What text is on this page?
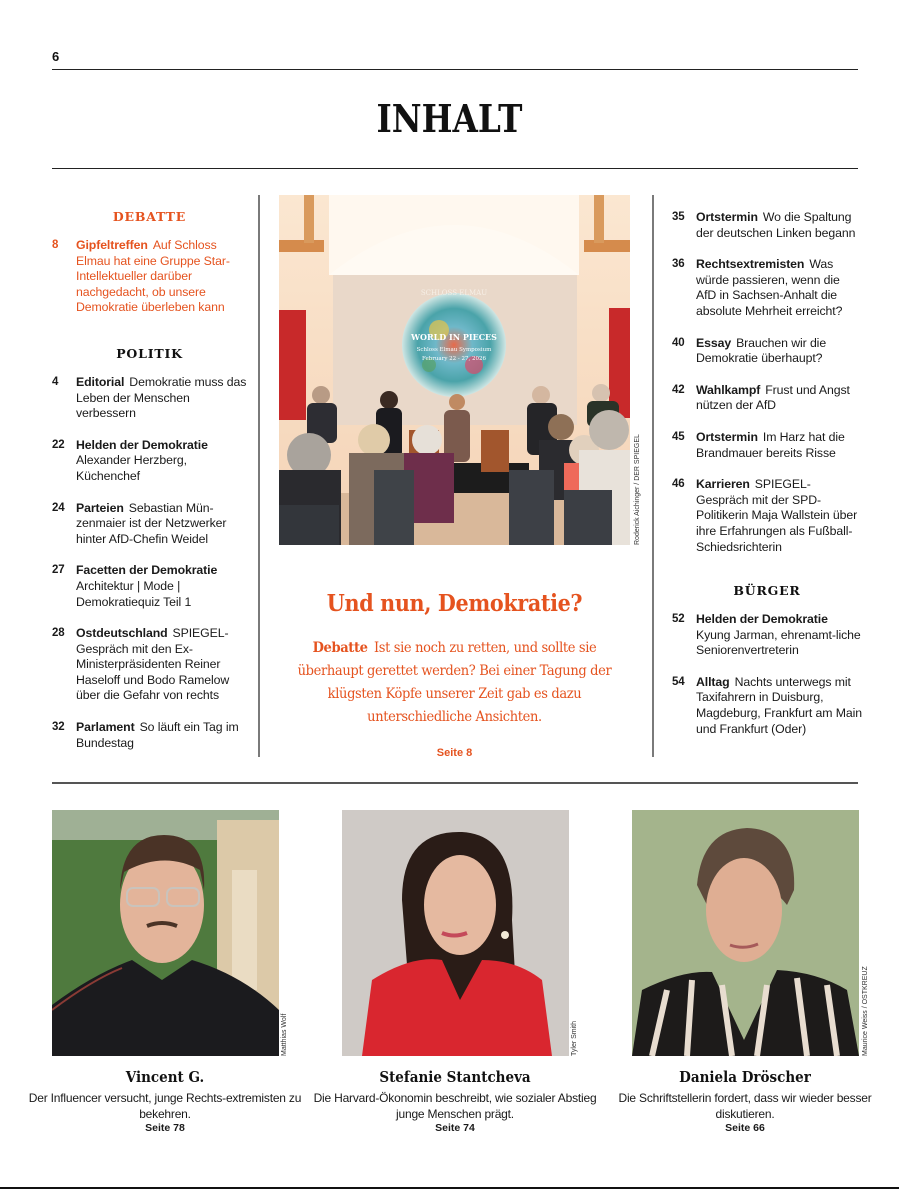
6
INHALT
DEBATTE
8	Gipfeltreffen Auf Schloss Elmau hat eine Gruppe Star-Intellektueller darüber nachgedacht, ob unsere Demokratie überleben kann
POLITIK
4	Editorial Demokratie muss das Leben der Menschen verbessern
22 Helden der Demokratie
Alexander Herzberg, Küchenchef
24 Parteien Sebastian Mün-zenmaier ist der Netzwerker hinter AfD-Chefin Weidel
27 Facetten der Demokratie
Architektur | Mode | Demokratiequiz Teil 1
28 Ostdeutschland SPIEGEL-Gespräch mit den Ex-Ministerpräsidenten Reiner Haseloff und Bodo Ramelow über die Gefahr von rechts
32 Parlament So läuft ein Tag im Bundestag
SCHLOSS ELMAU
WORLD IN PIECES
Schloss Elmau Symposium
February 22 - 27, 2026
Roderick Aichinger / DER SPIEGEL
Und nun, Demokratie?
Debatte Ist sie noch zu retten, und sollte sie überhaupt gerettet werden? Bei einer Tagung der klügsten Köpfe unserer Zeit gab es dazu unterschiedliche Ansichten.
Seite 8
35 Ortstermin Wo die Spaltung der deutschen Linken begann
36 Rechtsextremisten Was würde passieren, wenn die AfD in Sachsen-Anhalt die absolute Mehrheit erreicht?
40 Essay Brauchen wir die Demokratie überhaupt?
42 Wahlkampf Frust und Angst nützen der AfD
45 Ortstermin Im Harz hat die Brandmauer bereits Risse
46 Karrieren SPIEGEL-Gespräch mit der SPD-Politikerin Maja Wallstein über ihre Erfahrungen als Fußball-Schiedsrichterin
BÜRGER
52 Helden der Demokratie
Kyung Jarman, ehrenamt-liche Seniorenvertreterin
54 Alltag Nachts unterwegs mit Taxifahrern in Duisburg, Magdeburg, Frankfurt am Main und Frankfurt (Oder)
Matthias Wolf	Tyler Smith	Maurice Weiss / OSTKREUZ
Vincent G.
Der Influencer versucht, junge Rechts-extremisten zu bekehren.
Seite 78
Stefanie Stantcheva
Die Harvard-Ökonomin beschreibt, wie sozialer Abstieg junge Menschen prägt.
Seite 74
Daniela Dröscher
Die Schriftstellerin fordert, dass wir wieder besser diskutieren.
Seite 66
